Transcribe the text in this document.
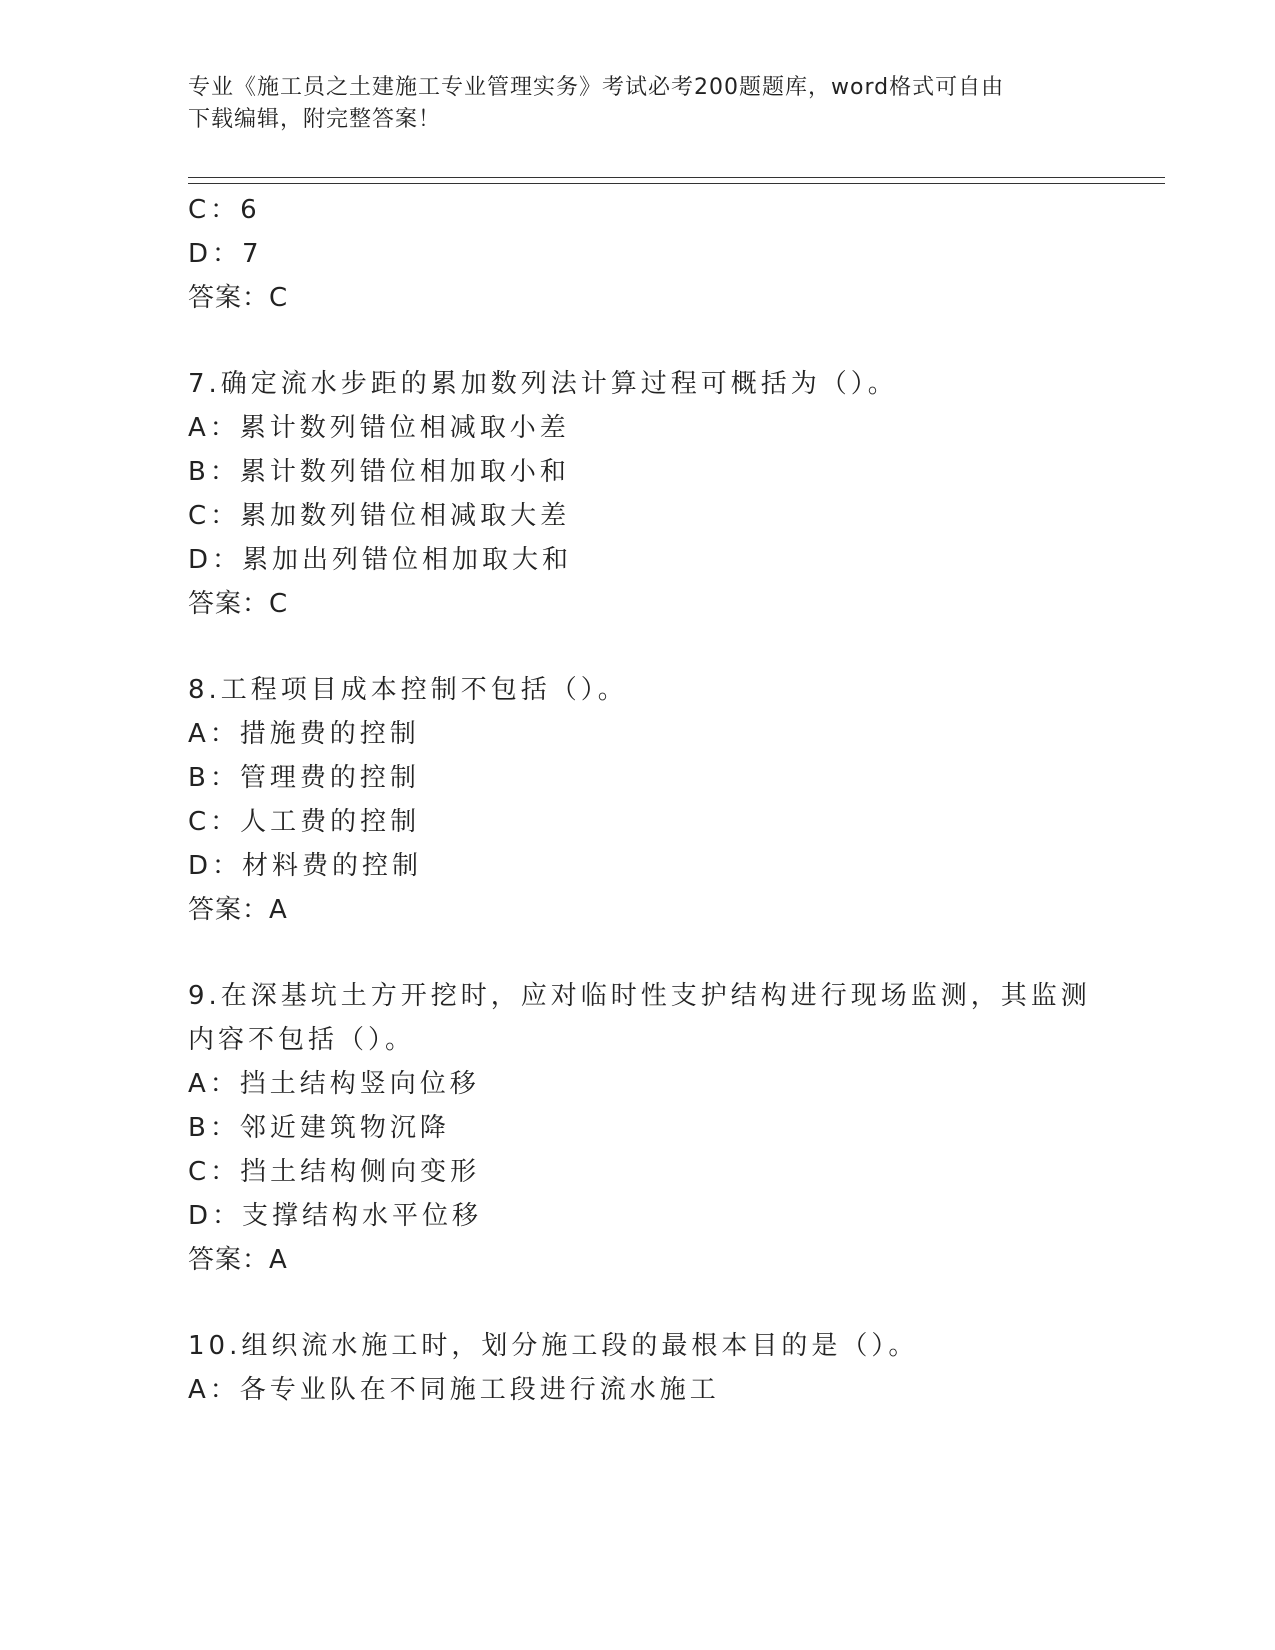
专业《施工员之土建施工专业管理实务》考试必考200题题库，word格式可自由

下载编辑，附完整答案！

C：6

D：7

答案：C

7.确定流水步距的累加数列法计算过程可概括为（）。

A：累计数列错位相减取小差

B：累计数列错位相加取小和

C：累加数列错位相减取大差

D：累加出列错位相加取大和

答案：C

8.工程项目成本控制不包括（）。

A：措施费的控制

B：管理费的控制

C：人工费的控制

D：材料费的控制

答案：A

9.在深基坑土方开挖时，应对临时性支护结构进行现场监测，其监测

内容不包括（）。

A：挡土结构竖向位移

B：邻近建筑物沉降

C：挡土结构侧向变形

D：支撑结构水平位移

答案：A

10.组织流水施工时，划分施工段的最根本目的是（）。

A：各专业队在不同施工段进行流水施工
